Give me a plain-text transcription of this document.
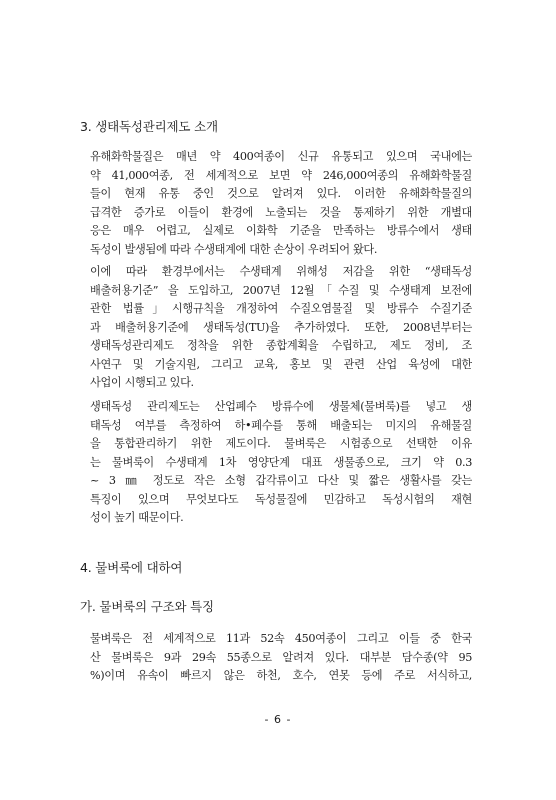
3. 생태독성관리제도 소개
유해화학물질은 매년 약 400여종이 신규 유통되고 있으며 국내에는
약 41,000여종, 전 세계적으로 보면 약 246,000여종의 유해화학물질
들이 현재 유통 중인 것으로 알려져 있다. 이러한 유해화학물질의
급격한 증가로 이들이 환경에 노출되는 것을 통제하기 위한 개별대
응은 매우 어렵고, 실제로 이화학 기준을 만족하는 방류수에서 생태
독성이 발생됨에 따라 수생태계에 대한 손상이 우려되어 왔다.
이에 따라 환경부에서는 수생태계 위해성 저감을 위한 “생태독성
배출허용기준” 을 도입하고, 2007년 12월「수질 및 수생태계 보전에
관한 법률」시행규칙을 개정하여 수질오염물질 및 방류수 수질기준
과 배출허용기준에 생태독성(TU)을 추가하였다. 또한, 2008년부터는
생태독성관리제도 정착을 위한 종합계획을 수립하고, 제도 정비, 조
사연구 및 기술지원, 그리고 교육, 홍보 및 관련 산업 육성에 대한
사업이 시행되고 있다.
생태독성 관리제도는 산업폐수 방류수에 생물체(물벼룩)를 넣고 생
태독성 여부를 측정하여 하•폐수를 통해 배출되는 미지의 유해물질
을 통합관리하기 위한 제도이다. 물벼룩은 시험종으로 선택한 이유
는 물벼룩이 수생태계 1차 영양단계 대표 생물종으로, 크기 약 0.3
~ 3 ㎜ 정도로 작은 소형 갑각류이고 다산 및 짧은 생활사를 갖는
특징이 있으며 무엇보다도 독성물질에 민감하고 독성시험의 재현
성이 높기 때문이다.
4. 물벼룩에 대하여
가. 물벼룩의 구조와 특징
물벼룩은 전 세계적으로 11과 52속 450여종이 그리고 이들 중 한국
산 물벼룩은 9과 29속 55종으로 알려져 있다. 대부분 담수종(약 95
%)이며 유속이 빠르지 않은 하천, 호수, 연못 등에 주로 서식하고,

- 6 -
